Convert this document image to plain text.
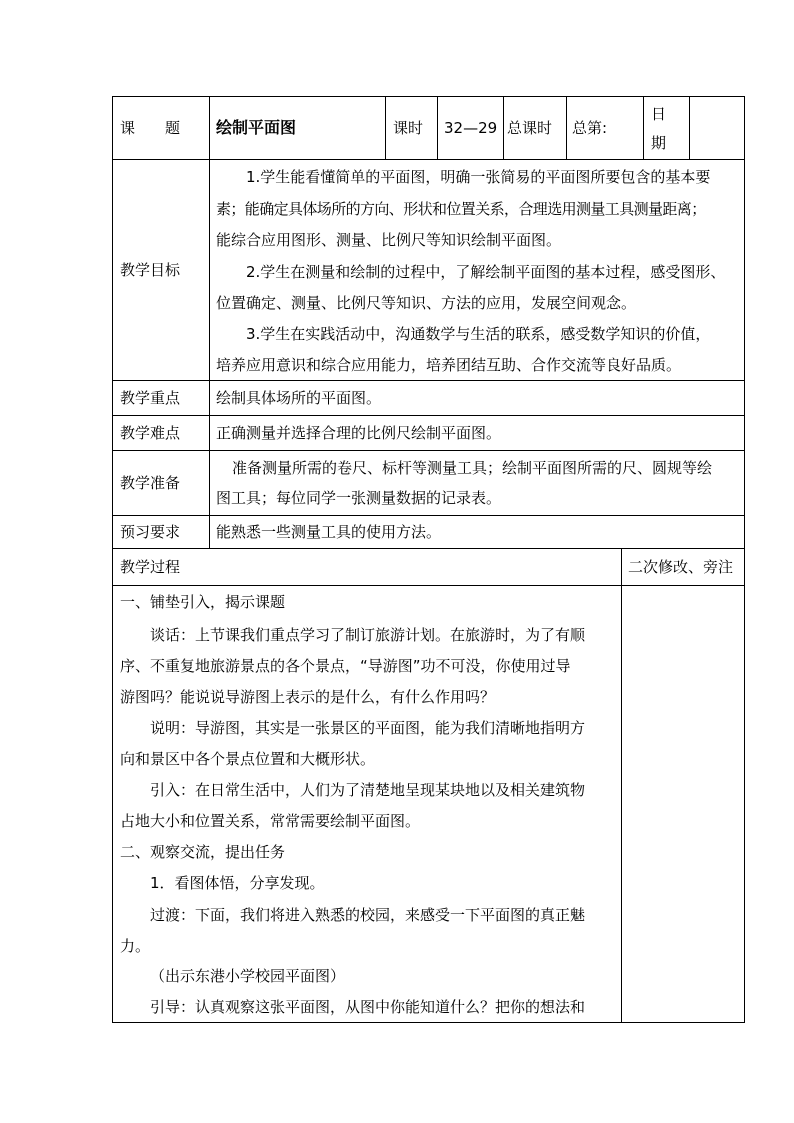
课　　题 绘制平面图	课时 32—29 总课时 总第:
日
期
教学目标
1.学生能看懂简单的平面图，明确一张简易的平面图所要包含的基本要
素；能确定具体场所的方向、形状和位置关系，合理选用测量工具测量距离；
能综合应用图形、测量、比例尺等知识绘制平面图。
2.学生在测量和绘制的过程中，了解绘制平面图的基本过程，感受图形、
位置确定、测量、比例尺等知识、方法的应用，发展空间观念。
3.学生在实践活动中，沟通数学与生活的联系，感受数学知识的价值，
培养应用意识和综合应用能力，培养团结互助、合作交流等良好品质。
教学重点 绘制具体场所的平面图。
教学难点 正确测量并选择合理的比例尺绘制平面图。
教学准备
准备测量所需的卷尺、标杆等测量工具；绘制平面图所需的尺、圆规等绘
图工具；每位同学一张测量数据的记录表。
预习要求 能熟悉一些测量工具的使用方法。
教学过程	二次修改、旁注
一、铺垫引入，揭示课题
谈话：上节课我们重点学习了制订旅游计划。在旅游时，为了有顺
序、不重复地旅游景点的各个景点，“导游图”功不可没，你使用过导
游图吗？能说说导游图上表示的是什么，有什么作用吗？
说明：导游图，其实是一张景区的平面图，能为我们清晰地指明方
向和景区中各个景点位置和大概形状。
引入：在日常生活中，人们为了清楚地呈现某块地以及相关建筑物
占地大小和位置关系，常常需要绘制平面图。
二、观察交流，提出任务
1．看图体悟，分享发现。
过渡：下面，我们将进入熟悉的校园，来感受一下平面图的真正魅
力。
（出示东港小学校园平面图）
引导：认真观察这张平面图，从图中你能知道什么？把你的想法和
